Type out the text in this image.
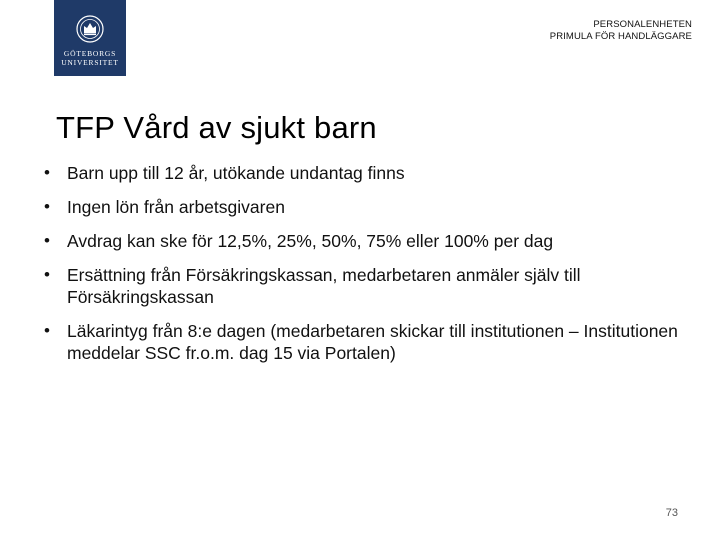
GÖTEBORGS
UNIVERSITET
PERSONALENHETEN
PRIMULA FÖR HANDLÄGGARE
TFP Vård av sjukt barn
• Barn upp till 12 år, utökande undantag finns
• Ingen lön från arbetsgivaren
• Avdrag kan ske för 12,5%, 25%, 50%, 75% eller 100% per dag
• Ersättning från Försäkringskassan, medarbetaren anmäler själv till Försäkringskassan
• Läkarintyg från 8:e dagen (medarbetaren skickar till institutionen – Institutionen meddelar SSC fr.o.m. dag 15 via Portalen)
73
